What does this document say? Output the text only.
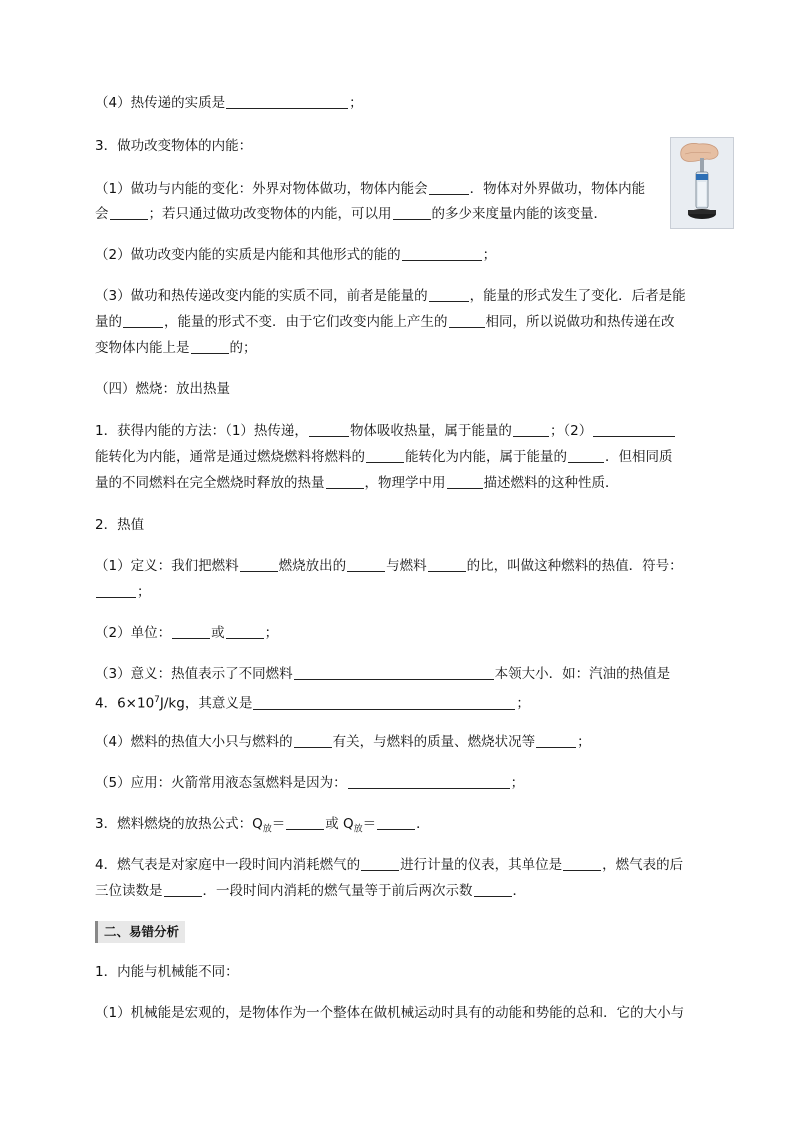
（4）热传递的实质是	；
3．做功改变物体的内能：
（1）做功与内能的变化：外界对物体做功，物体内能会	．物体对外界做功，物体内能
会	；若只通过做功改变物体的内能，可以用	的多少来度量内能的该变量．
（2）做功改变内能的实质是内能和其他形式的能的	；
（3）做功和热传递改变内能的实质不同，前者是能量的	，能量的形式发生了变化．后者是能
量的	，能量的形式不变．由于它们改变内能上产生的	相同，所以说做功和热传递在改
变物体内能上是	的；
（四）燃烧：放出热量
1．获得内能的方法：（1）热传递，	物体吸收热量，属于能量的	；（2）
能转化为内能，通常是通过燃烧燃料将燃料的	能转化为内能，属于能量的	．但相同质
量的不同燃料在完全燃烧时释放的热量	，物理学中用	描述燃料的这种性质．
2．热值
（1）定义：我们把燃料	燃烧放出的	与燃料	的比，叫做这种燃料的热值．符号：
；
（2）单位：	或	；
（3）意义：热值表示了不同燃料	本领大小．如：汽油的热值是
4．$6\times 10^7J/kg$，其意义是	；
（4）燃料的热值大小只与燃料的	有关，与燃料的质量、燃烧状况等	；
（5）应用：火箭常用液态氢燃料是因为：	；
3．燃料燃烧的放热公式：$Q_放=$	或 $Q_放=$	．
4．燃气表是对家庭中一段时间内消耗燃气的	进行计量的仪表，其单位是	，燃气表的后
三位读数是	．一段时间内消耗的燃气量等于前后两次示数	．
二、易错分析
1．内能与机械能不同：
（1）机械能是宏观的，是物体作为一个整体在做机械运动时具有的动能和势能的总和．它的大小与
